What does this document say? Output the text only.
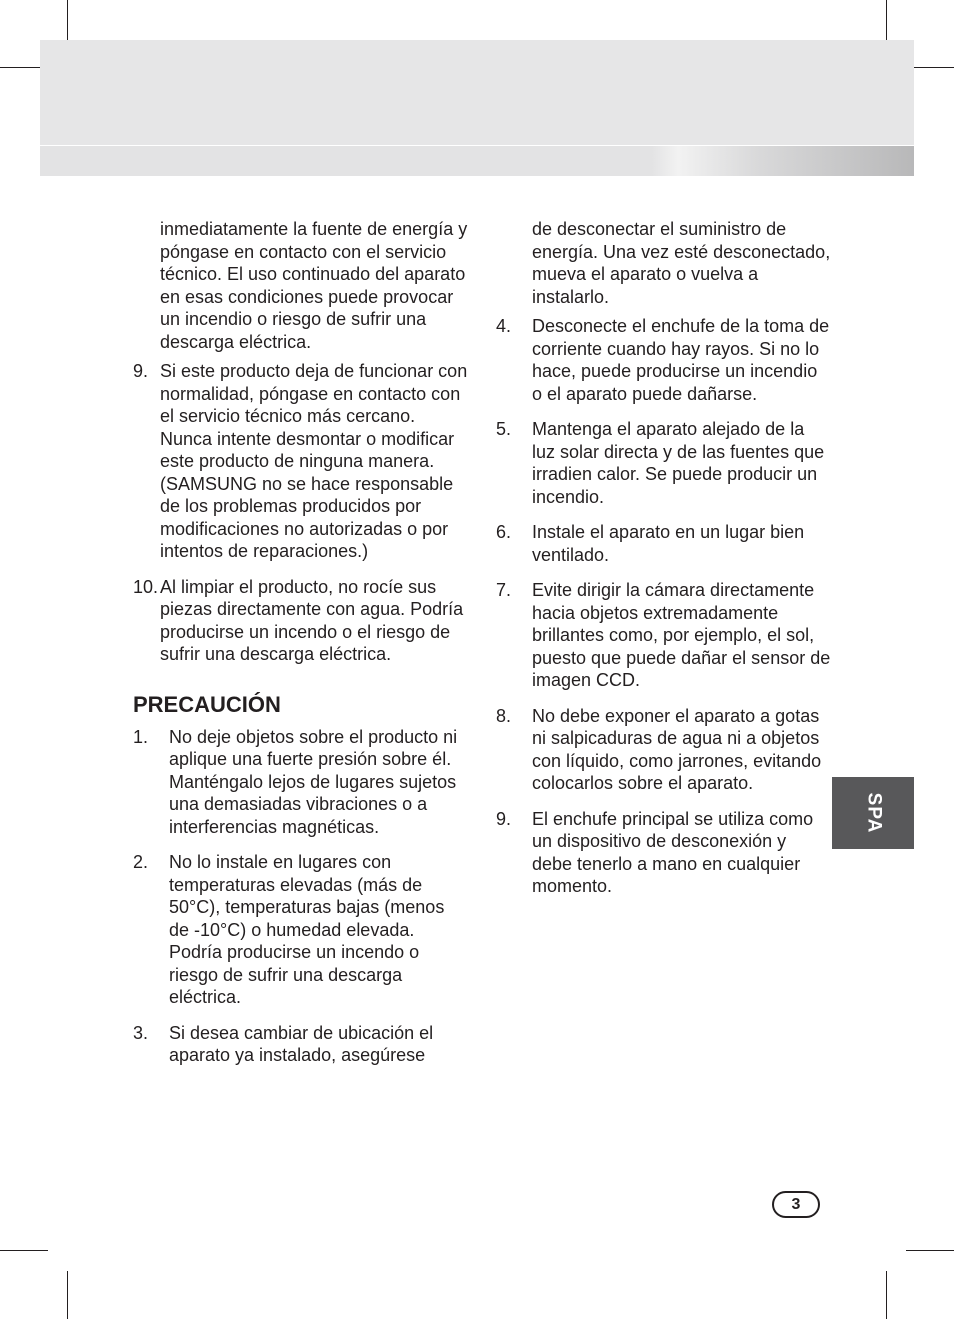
inmediatamente la fuente de energía y póngase en contacto con el servicio técnico. El uso continuado del aparato en esas condiciones puede provocar un incendio o riesgo de sufrir una descarga eléctrica.

9. Si este producto deja de funcionar con normalidad, póngase en contacto con el servicio técnico más cercano. Nunca intente desmontar o modificar este producto de ninguna manera. (SAMSUNG no se hace responsable de los problemas producidos por modificaciones no autorizadas o por intentos de reparaciones.)
10. Al limpiar el producto, no rocíe sus piezas directamente con agua. Podría producirse un incendo o el riesgo de sufrir una descarga eléctrica.
PRECAUCIÓN
1. No deje objetos sobre el producto ni aplique una fuerte presión sobre él. Manténgalo lejos de lugares sujetos una demasiadas vibraciones o a interferencias magnéticas.
2. No lo instale en lugares con temperaturas elevadas (más de 50°C), temperaturas bajas (menos de -10°C) o humedad elevada. Podría producirse un incendo o riesgo de sufrir una descarga eléctrica.
3. Si desea cambiar de ubicación el aparato ya instalado, asegúrese

de desconectar el suministro de energía. Una vez esté desconectado, mueva el aparato o vuelva a instalarlo.

4. Desconecte el enchufe de la toma de corriente cuando hay rayos. Si no lo hace, puede producirse un incendio o el aparato puede dañarse.
5. Mantenga el aparato alejado de la luz solar directa y de las fuentes que irradien calor. Se puede producir un incendio.
6. Instale el aparato en un lugar bien ventilado.
7. Evite dirigir la cámara directamente hacia objetos extremadamente brillantes como, por ejemplo, el sol, puesto que puede dañar el sensor de imagen CCD.
8. No debe exponer el aparato a gotas ni salpicaduras de agua ni a objetos con líquido, como jarrones, evitando colocarlos sobre el aparato.
9. El enchufe principal se utiliza como un dispositivo de desconexión y debe tenerlo a mano en cualquier momento.
SPA
3
